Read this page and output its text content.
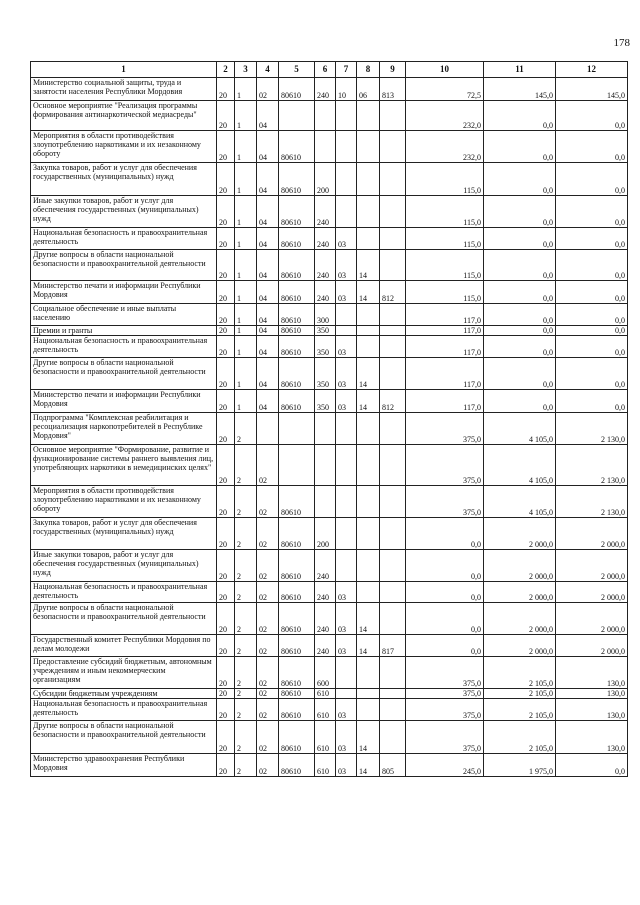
178
1	2	3	4	5	6	7	8	9	10	11	12
Министерство социальной защиты, труда и занятости населения Республики Мордовия	20	1	02	80610	240	10	06	813	72,5	145,0	145,0
Основное мероприятие "Реализация программы формирования антинаркотической медиасреды"	20	1	04						232,0	0,0	0,0
Мероприятия в области противодействия злоупотреблению наркотиками и их незаконному обороту	20	1	04	80610					232,0	0,0	0,0
Закупка товаров, работ и услуг для обеспечения государственных (муниципальных) нужд	20	1	04	80610	200				115,0	0,0	0,0
Иные закупки товаров, работ и услуг для обеспечения государственных (муниципальных) нужд	20	1	04	80610	240				115,0	0,0	0,0
Национальная безопасность и правоохранительная деятельность	20	1	04	80610	240	03			115,0	0,0	0,0
Другие вопросы в области национальной безопасности и правоохранительной деятельности	20	1	04	80610	240	03	14		115,0	0,0	0,0
Министерство печати и информации Республики Мордовия	20	1	04	80610	240	03	14	812	115,0	0,0	0,0
Социальное обеспечение и иные выплаты населению	20	1	04	80610	300				117,0	0,0	0,0
Премии и гранты	20	1	04	80610	350				117,0	0,0	0,0
Национальная безопасность и правоохранительная деятельность	20	1	04	80610	350	03			117,0	0,0	0,0
Другие вопросы в области национальной безопасности и правоохранительной деятельности	20	1	04	80610	350	03	14		117,0	0,0	0,0
Министерство печати и информации Республики Мордовия	20	1	04	80610	350	03	14	812	117,0	0,0	0,0
Подпрограмма "Комплексная реабилитация и ресоциализация наркопотребителей в Республике Мордовия"	20	2							375,0	4 105,0	2 130,0
Основное мероприятие "Формирование, развитие и функционирование системы раннего выявления лиц, употребляющих наркотики в немедицинских целях"	20	2	02						375,0	4 105,0	2 130,0
Мероприятия в области противодействия злоупотреблению наркотиками и их незаконному обороту	20	2	02	80610					375,0	4 105,0	2 130,0
Закупка товаров, работ и услуг для обеспечения государственных (муниципальных) нужд	20	2	02	80610	200				0,0	2 000,0	2 000,0
Иные закупки товаров, работ и услуг для обеспечения государственных (муниципальных) нужд	20	2	02	80610	240				0,0	2 000,0	2 000,0
Национальная безопасность и правоохранительная деятельность	20	2	02	80610	240	03			0,0	2 000,0	2 000,0
Другие вопросы в области национальной безопасности и правоохранительной деятельности	20	2	02	80610	240	03	14		0,0	2 000,0	2 000,0
Государственный комитет Республики Мордовия по делам молодежи	20	2	02	80610	240	03	14	817	0,0	2 000,0	2 000,0
Предоставление субсидий бюджетным, автономным учреждениям и иным некоммерческим организациям	20	2	02	80610	600				375,0	2 105,0	130,0
Субсидии бюджетным учреждениям	20	2	02	80610	610				375,0	2 105,0	130,0
Национальная безопасность и правоохранительная деятельность	20	2	02	80610	610	03			375,0	2 105,0	130,0
Другие вопросы в области национальной безопасности и правоохранительной деятельности	20	2	02	80610	610	03	14		375,0	2 105,0	130,0
Министерство здравоохранения Республики Мордовия	20	2	02	80610	610	03	14	805	245,0	1 975,0	0,0
